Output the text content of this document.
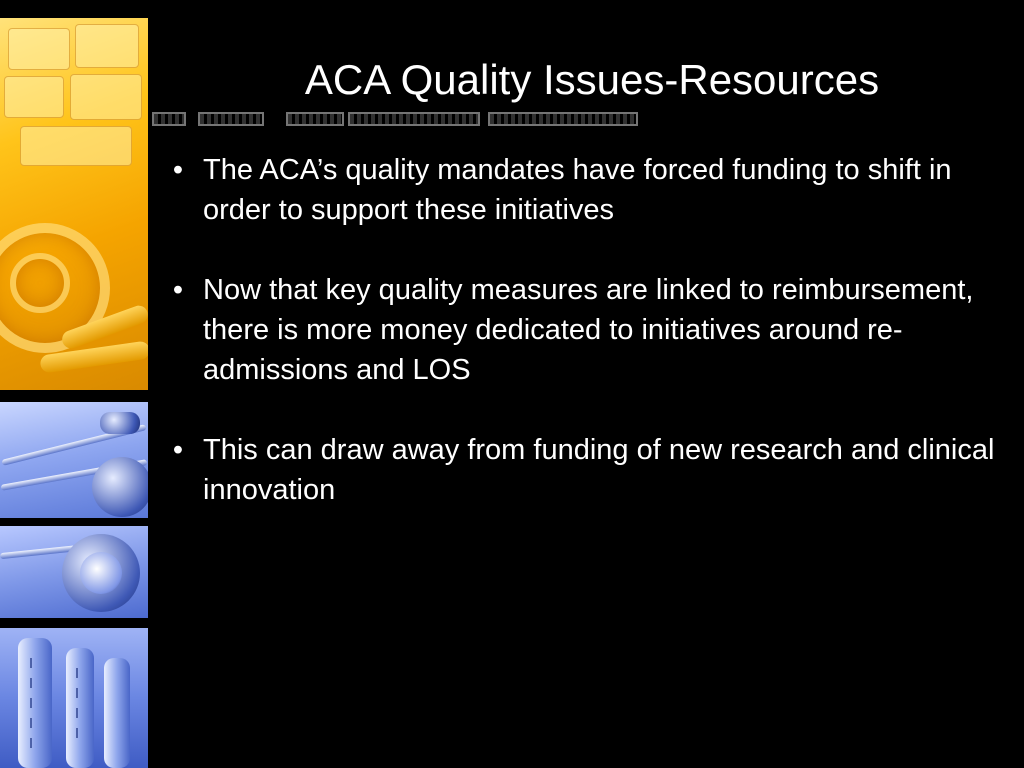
ACA Quality Issues-Resources
• The ACA’s quality mandates have forced funding to shift in order to support these initiatives
• Now that key quality measures are linked to reimbursement, there is more money dedicated to initiatives around re-admissions and LOS
• This can draw away from funding of new research and clinical innovation
